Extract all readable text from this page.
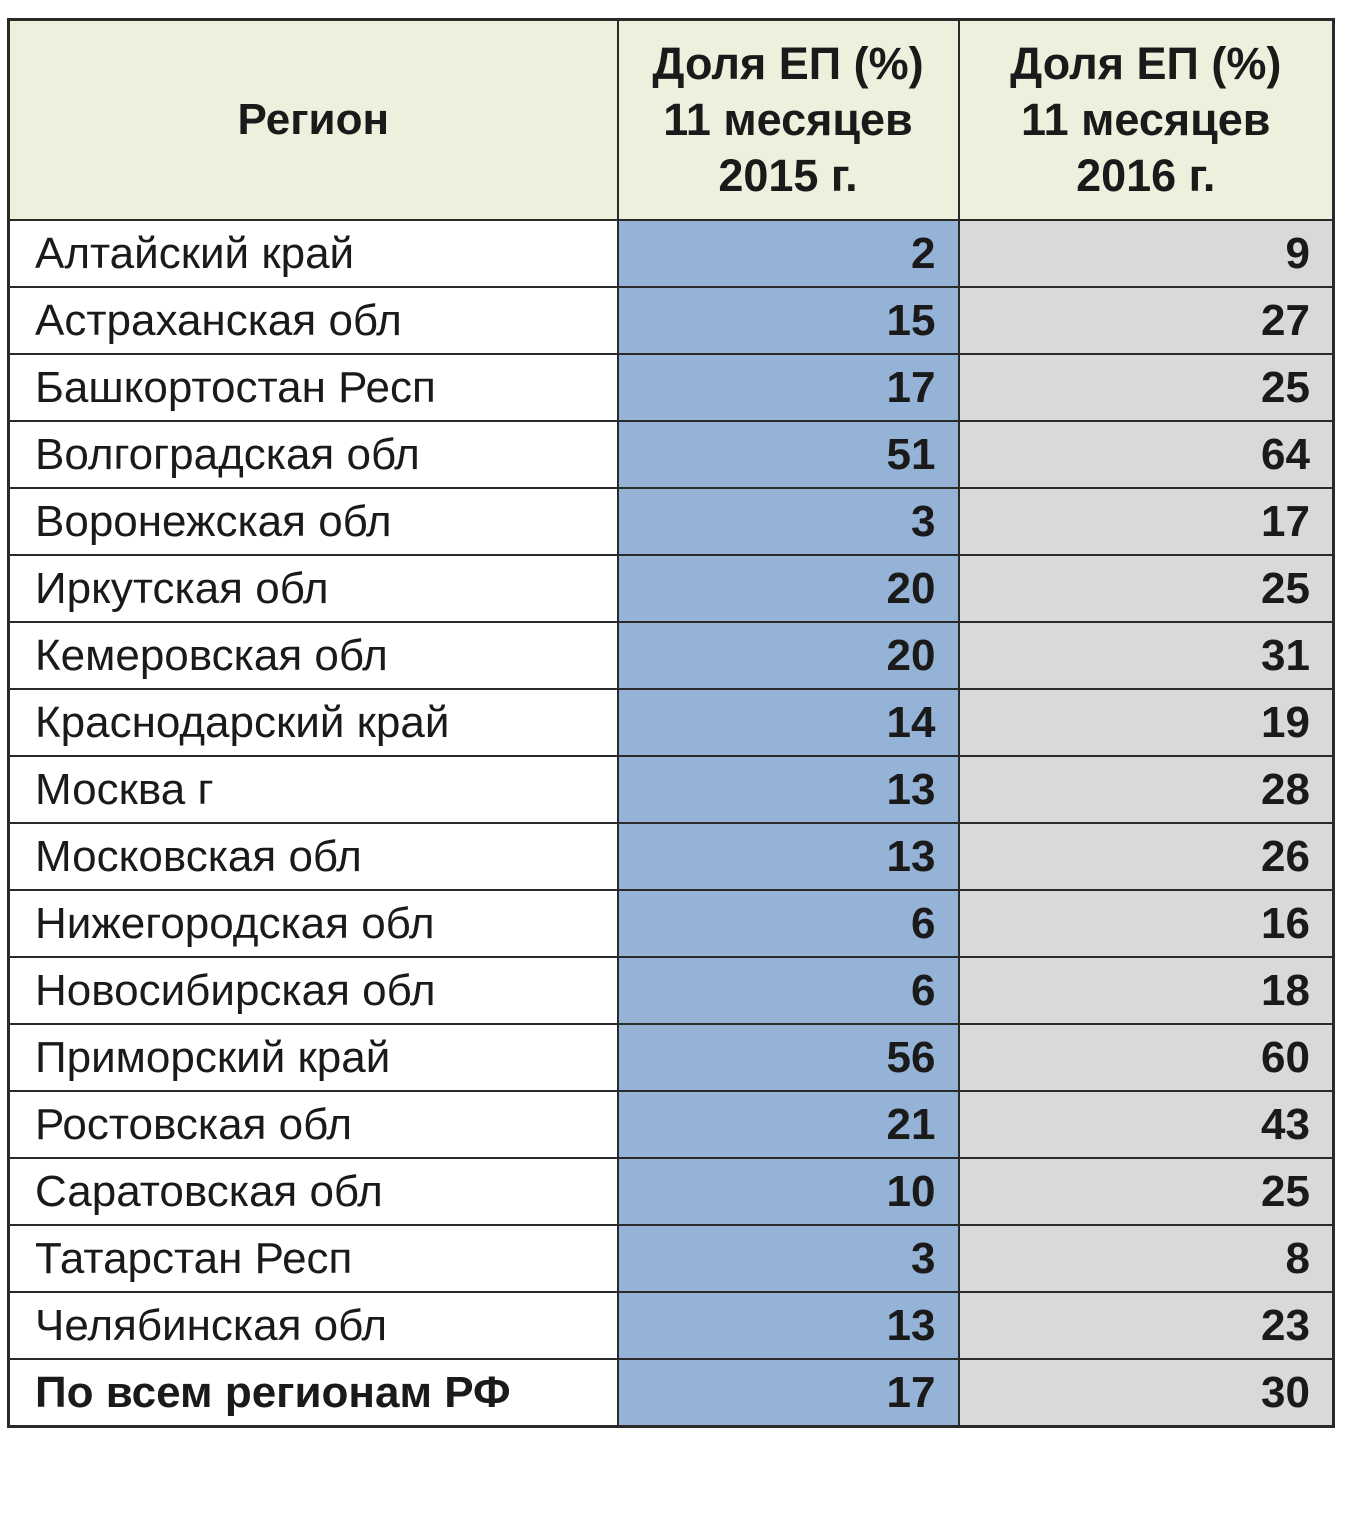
Регион	Доля ЕП (%)
11 месяцев
2015 г.	Доля ЕП (%)
11 месяцев
2016 г.

Алтайский край	2	9
Астраханская обл	15	27
Башкортостан Респ	17	25
Волгоградская обл	51	64
Воронежская обл	3	17
Иркутская обл	20	25
Кемеровская обл	20	31
Краснодарский край	14	19
Москва г	13	28
Московская обл	13	26
Нижегородская обл	6	16
Новосибирская обл	6	18
Приморский край	56	60
Ростовская обл	21	43
Саратовская обл	10	25
Татарстан Респ	3	8
Челябинская обл	13	23
По всем регионам РФ	17	30
